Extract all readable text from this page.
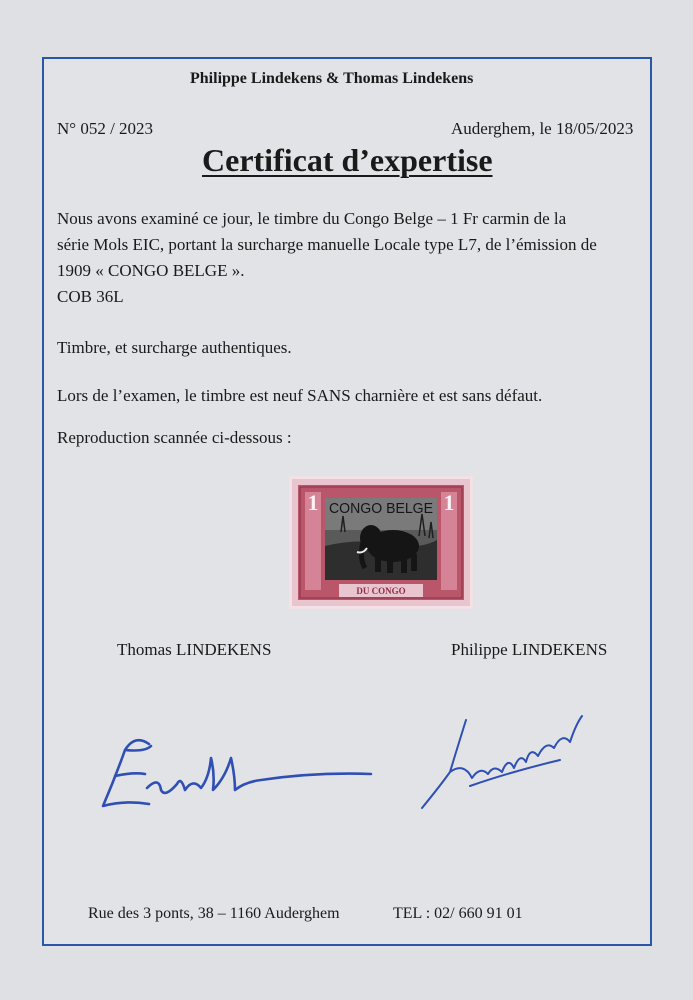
Philippe Lindekens & Thomas Lindekens
N° 052 / 2023	Auderghem, le 18/05/2023
Certificat d’expertise
Nous avons examiné ce jour, le timbre du Congo Belge – 1 Fr carmin de la
série Mols EIC, portant la surcharge manuelle Locale type L7, de l’émission de
1909 « CONGO BELGE ».
COB 36L
Timbre, et surcharge authentiques.
Lors de l’examen, le timbre est neuf SANS charnière et est sans défaut.
Reproduction scannée ci-dessous :
1	1
CONGO BELGE
DU CONGO
Thomas LINDEKENS	Philippe LINDEKENS
Rue des 3 ponts, 38 – 1160 Auderghem	TEL : 02/ 660 91 01
